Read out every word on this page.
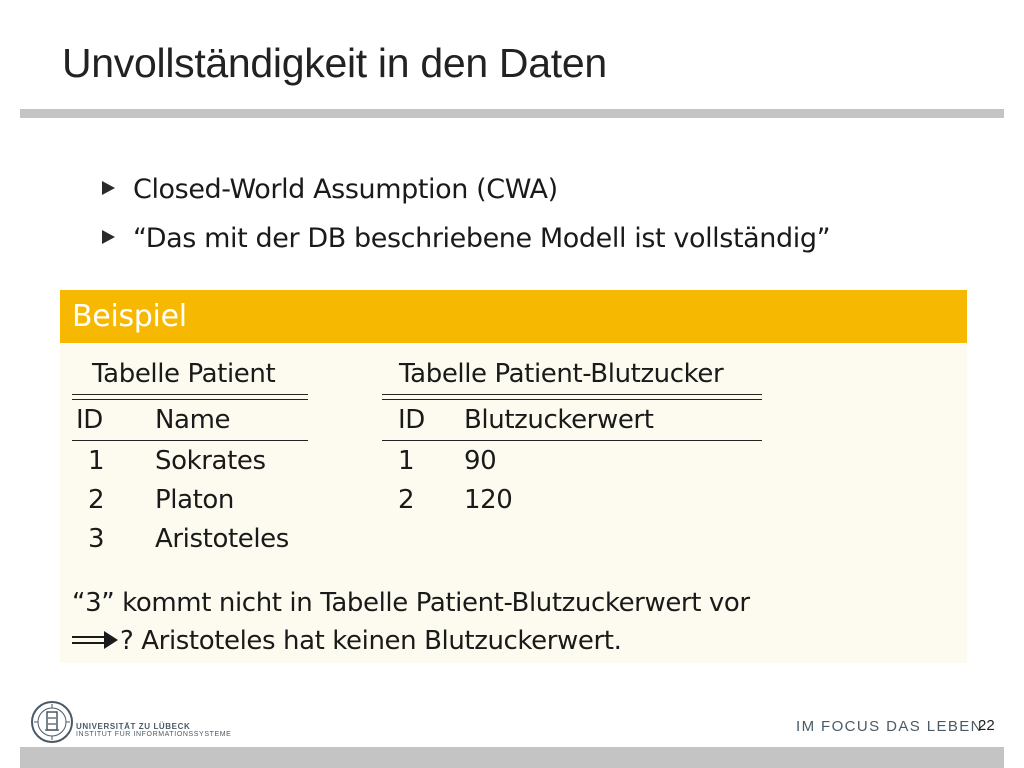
Unvollständigkeit in den Daten
Closed-World Assumption (CWA)
“Das mit der DB beschriebene Modell ist vollständig”
Beispiel
Tabelle Patient
ID Name
1 Sokrates
2 Platon
3 Aristoteles
Tabelle Patient-Blutzucker
ID Blutzuckerwert
1 90
2 120
“3” kommt nicht in Tabelle Patient-Blutzuckerwert vor
? Aristoteles hat keinen Blutzuckerwert.
UNIVERSITÄT ZU LÜBECK
INSTITUT FÜR INFORMATIONSSYSTEME	IM FOCUS DAS LEBEN
22
